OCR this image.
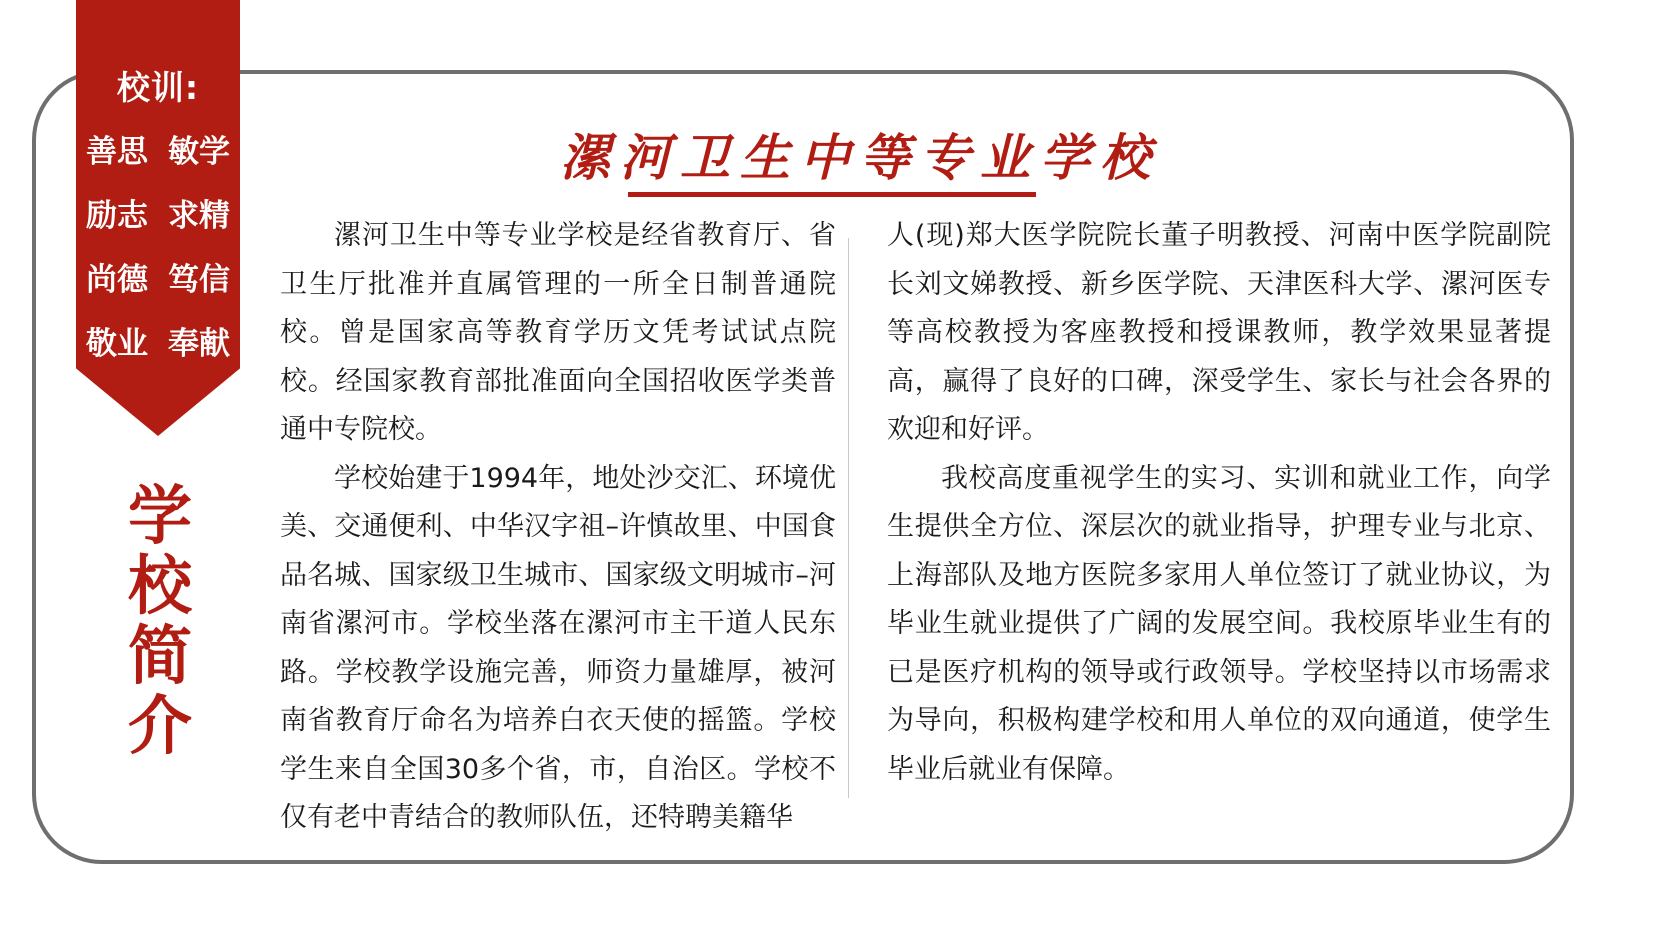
校训:
善思 敏学
励志 求精
尚德 笃信
敬业 奉献
学
校
简
介
漯河卫生中等专业学校

漯河卫生中等专业学校是经省教育厅、省卫生厅批准并直属管理的一所全日制普通院校。曾是国家高等教育学历文凭考试试点院校。经国家教育部批准面向全国招收医学类普通中专院校。

学校始建于1994年，地处沙交汇、环境优美、交通便利、中华汉字祖–许慎故里、中国食品名城、国家级卫生城市、国家级文明城市–河南省漯河市。学校坐落在漯河市主干道人民东路。学校教学设施完善，师资力量雄厚，被河南省教育厅命名为培养白衣天使的摇篮。学校学生来自全国30多个省，市，自治区。学校不仅有老中青结合的教师队伍，还特聘美籍华

人(现)郑大医学院院长董子明教授、河南中医学院副院长刘文娣教授、新乡医学院、天津医科大学、漯河医专等高校教授为客座教授和授课教师，教学效果显著提高，赢得了良好的口碑，深受学生、家长与社会各界的欢迎和好评。

我校高度重视学生的实习、实训和就业工作，向学生提供全方位、深层次的就业指导，护理专业与北京、上海部队及地方医院多家用人单位签订了就业协议，为毕业生就业提供了广阔的发展空间。我校原毕业生有的已是医疗机构的领导或行政领导。学校坚持以市场需求为导向，积极构建学校和用人单位的双向通道，使学生毕业后就业有保障。
